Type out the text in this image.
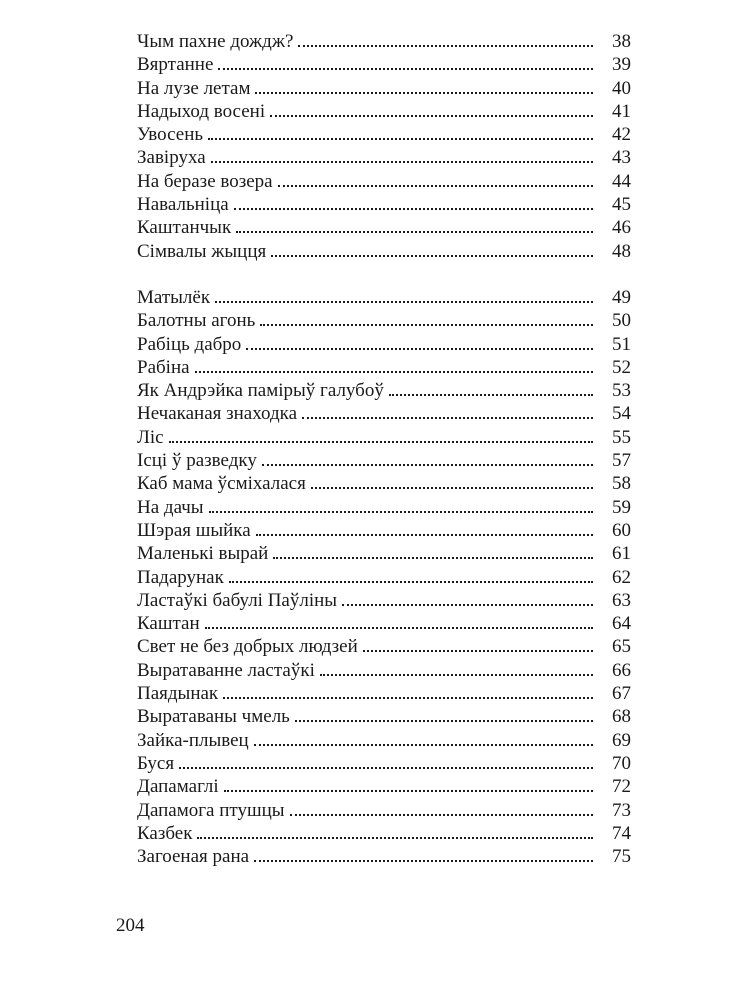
Чым пахне дождж?	38
Вяртанне	39
На лузе летам	40
Надыход восені	41
Увосень	42
Завіруха	43
На беразе возера	44
Навальніца	45
Каштанчык	46
Сімвалы жыцця	48
Матылёк	49
Балотны агонь	50
Рабіць дабро	51
Рабіна	52
Як Андрэйка памірыў галубоў	53
Нечаканая знаходка	54
Ліс	55
Ісці ў разведку	57
Каб мама ўсміхалася	58
На дачы	59
Шэрая шыйка	60
Маленькі вырай	61
Падарунак	62
Ластаўкі бабулі Паўліны	63
Каштан	64
Свет не без добрых людзей	65
Выратаванне ластаўкі	66
Паядынак	67
Выратаваны чмель	68
Зайка-плывец	69
Буся	70
Дапамаглі	72
Дапамога птушцы	73
Казбек	74
Загоеная рана	75
204
